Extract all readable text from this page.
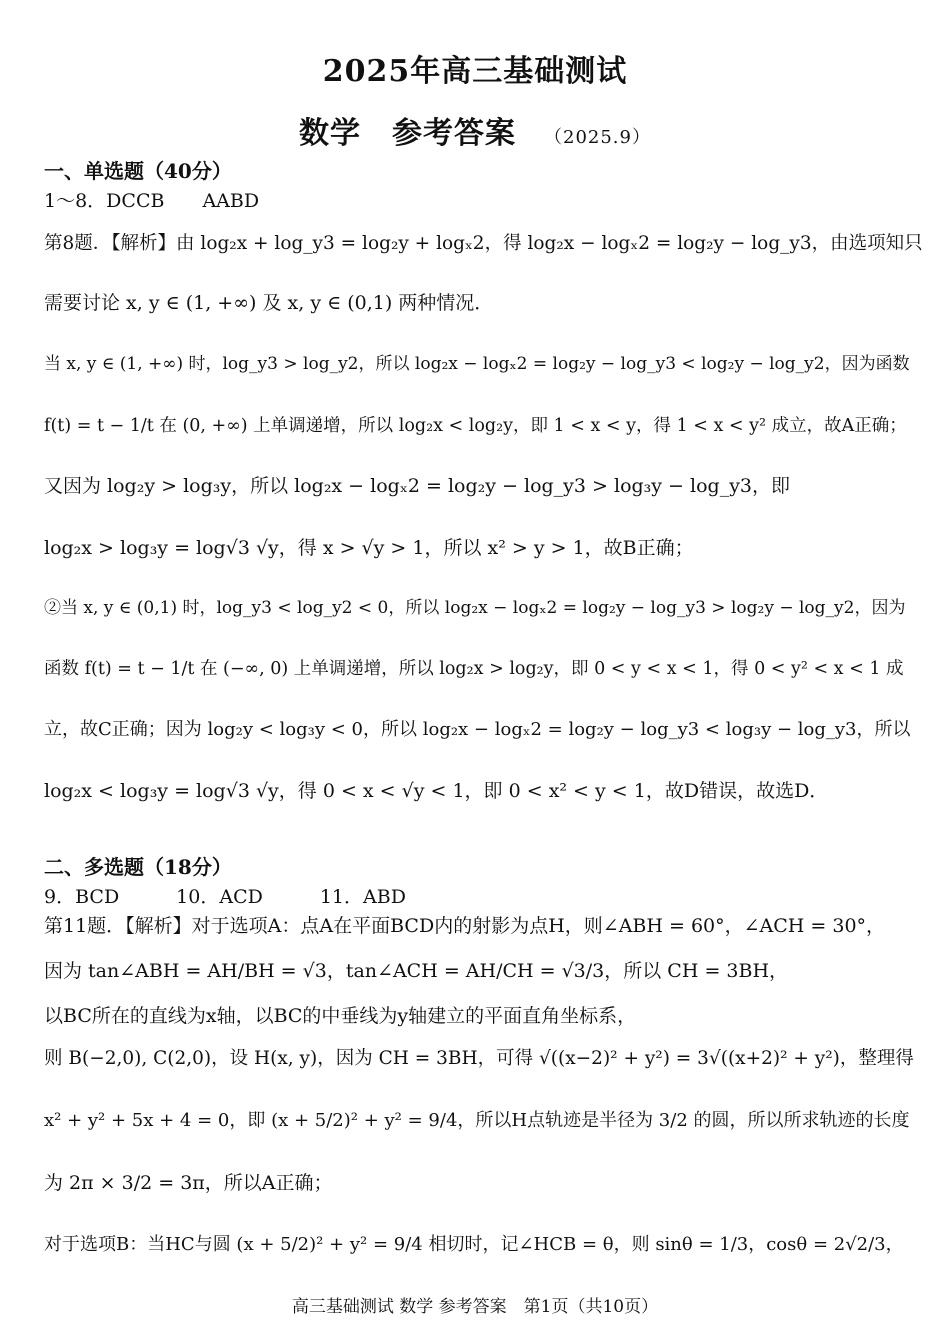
2025年高三基础测试
数学　参考答案 （2025.9）
一、单选题（40分）
1～8．DCCB　　AABD
第8题．【解析】由 log₂x + log_y3 = log₂y + logₓ2，得 log₂x − logₓ2 = log₂y − log_y3，由选项知只
需要讨论 x, y ∈ (1, +∞) 及 x, y ∈ (0,1) 两种情况．
当 x, y ∈ (1, +∞) 时，log_y3 > log_y2，所以 log₂x − logₓ2 = log₂y − log_y3 < log₂y − log_y2，因为函数
f(t) = t − 1/t 在 (0, +∞) 上单调递增，所以 log₂x < log₂y，即 1 < x < y，得 1 < x < y² 成立，故A正确；
又因为 log₂y > log₃y，所以 log₂x − logₓ2 = log₂y − log_y3 > log₃y − log_y3，即
log₂x > log₃y = log√3 √y，得 x > √y > 1，所以 x² > y > 1，故B正确；
②当 x, y ∈ (0,1) 时，log_y3 < log_y2 < 0，所以 log₂x − logₓ2 = log₂y − log_y3 > log₂y − log_y2，因为
函数 f(t) = t − 1/t 在 (−∞, 0) 上单调递增，所以 log₂x > log₂y，即 0 < y < x < 1，得 0 < y² < x < 1 成
立，故C正确；因为 log₂y < log₃y < 0，所以 log₂x − logₓ2 = log₂y − log_y3 < log₃y − log_y3，所以
log₂x < log₃y = log√3 √y，得 0 < x < √y < 1，即 0 < x² < y < 1，故D错误，故选D．
二、多选题（18分）
9．BCD　　　10．ACD　　　11．ABD
第11题．【解析】对于选项A：点A在平面BCD内的射影为点H，则∠ABH = 60°，∠ACH = 30°，
因为 tan∠ABH = AH/BH = √3，tan∠ACH = AH/CH = √3/3，所以 CH = 3BH，
以BC所在的直线为x轴，以BC的中垂线为y轴建立的平面直角坐标系，
则 B(−2,0), C(2,0)，设 H(x, y)，因为 CH = 3BH，可得 √((x−2)² + y²) = 3√((x+2)² + y²)，整理得
x² + y² + 5x + 4 = 0，即 (x + 5/2)² + y² = 9/4，所以H点轨迹是半径为 3/2 的圆，所以所求轨迹的长度
为 2π × 3/2 = 3π，所以A正确；
对于选项B：当HC与圆 (x + 5/2)² + y² = 9/4 相切时，记∠HCB = θ，则 sinθ = 1/3，cosθ = 2√2/3，
高三基础测试 数学 参考答案　第1页（共10页）
